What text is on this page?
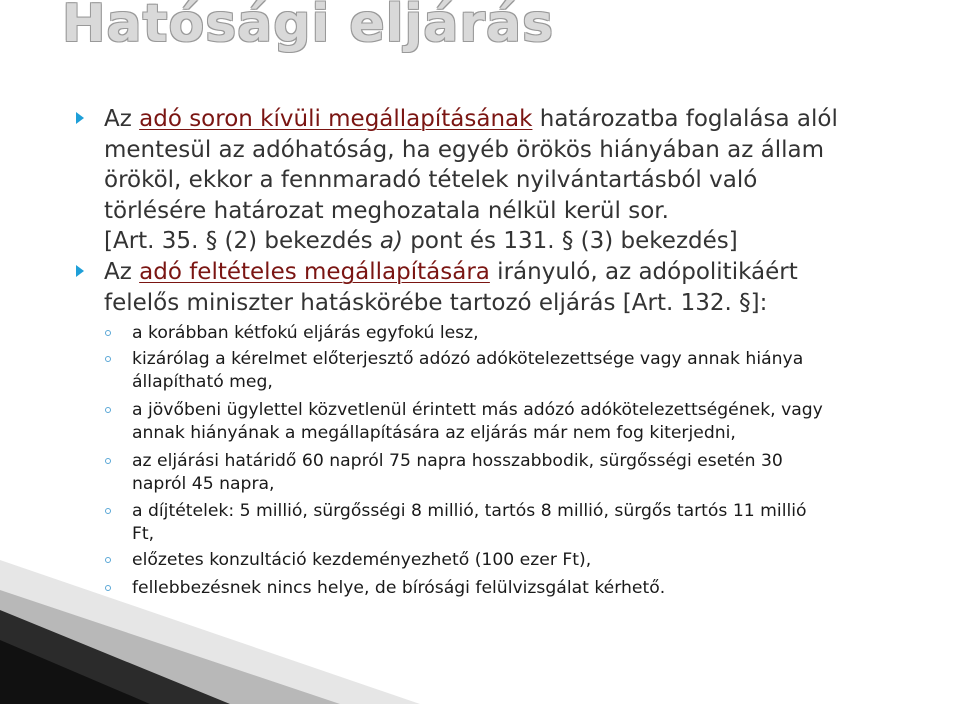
Hatósági eljárás
Az adó soron kívüli megállapításának határozatba foglalása alól
mentesül az adóhatóság, ha egyéb örökös hiányában az állam
örököl, ekkor a fennmaradó tételek nyilvántartásból való
törlésére határozat meghozatala nélkül kerül sor.
[Art. 35. § (2) bekezdés a) pont és 131. § (3) bekezdés]
Az adó feltételes megállapítására irányuló, az adópolitikáért
felelős miniszter hatáskörébe tartozó eljárás [Art. 132. §]:
a korábban kétfokú eljárás egyfokú lesz,
kizárólag a kérelmet előterjesztő adózó adókötelezettsége vagy annak hiánya
állapítható meg,
a jövőbeni ügylettel közvetlenül érintett más adózó adókötelezettségének, vagy
annak hiányának a megállapítására az eljárás már nem fog kiterjedni,
az eljárási határidő 60 napról 75 napra hosszabbodik, sürgősségi esetén 30
napról 45 napra,
a díjtételek: 5 millió, sürgősségi 8 millió, tartós 8 millió, sürgős tartós 11 millió
Ft,
előzetes konzultáció kezdeményezhető (100 ezer Ft),
fellebbezésnek nincs helye, de bírósági felülvizsgálat kérhető.
